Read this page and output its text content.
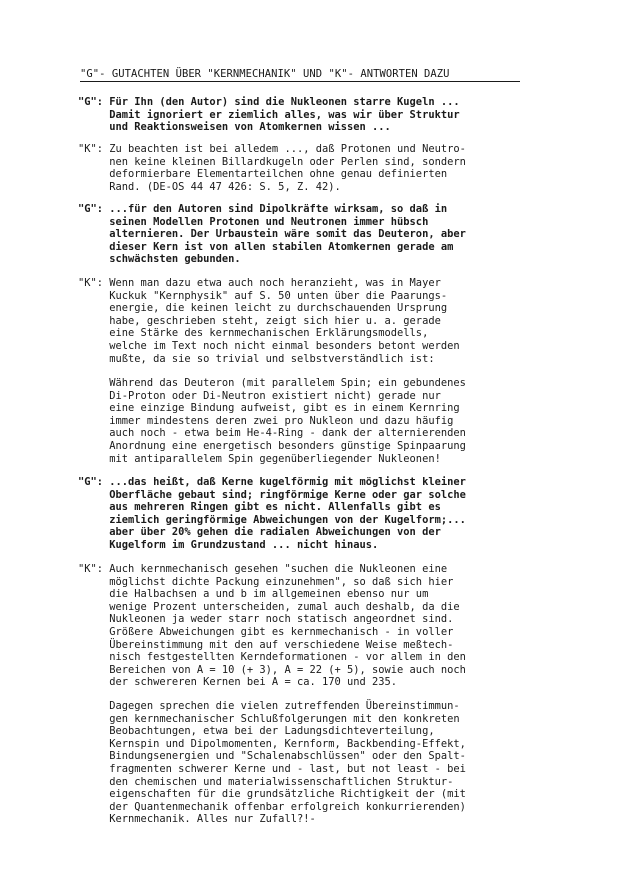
"G"- GUTACHTEN ÜBER "KERNMECHANIK" UND "K"- ANTWORTEN DAZU
"G": Für Ihn (den Autor) sind die Nukleonen starre Kugeln ...
Damit ignoriert er ziemlich alles, was wir über Struktur
und Reaktionsweisen von Atomkernen wissen ...
"K": Zu beachten ist bei alledem ..., daß Protonen und Neutro-
nen keine kleinen Billardkugeln oder Perlen sind, sondern
deformierbare Elementarteilchen ohne genau definierten
Rand. (DE-OS 44 47 426: S. 5, Z. 42).
"G": ...für den Autoren sind Dipolkräfte wirksam, so daß in
seinen Modellen Protonen und Neutronen immer hübsch
alternieren. Der Urbaustein wäre somit das Deuteron, aber
dieser Kern ist von allen stabilen Atomkernen gerade am
schwächsten gebunden.
"K": Wenn man dazu etwa auch noch heranzieht, was in Mayer
Kuckuk "Kernphysik" auf S. 50 unten über die Paarungs-
energie, die keinen leicht zu durchschauenden Ursprung
habe, geschrieben steht, zeigt sich hier u. a. gerade
eine Stärke des kernmechanischen Erklärungsmodells,
welche im Text noch nicht einmal besonders betont werden
mußte, da sie so trivial und selbstverständlich ist:
Während das Deuteron (mit parallelem Spin; ein gebundenes
Di-Proton oder Di-Neutron existiert nicht) gerade nur
eine einzige Bindung aufweist, gibt es in einem Kernring
immer mindestens deren zwei pro Nukleon und dazu häufig
auch noch - etwa beim He-4-Ring - dank der alternierenden
Anordnung eine energetisch besonders günstige Spinpaarung
mit antiparallelem Spin gegenüberliegender Nukleonen!
"G": ...das heißt, daß Kerne kugelförmig mit möglichst kleiner
Oberfläche gebaut sind; ringförmige Kerne oder gar solche
aus mehreren Ringen gibt es nicht. Allenfalls gibt es
ziemlich geringförmige Abweichungen von der Kugelform;...
aber über 20% gehen die radialen Abweichungen von der
Kugelform im Grundzustand ... nicht hinaus.
"K": Auch kernmechanisch gesehen "suchen die Nukleonen eine
möglichst dichte Packung einzunehmen", so daß sich hier
die Halbachsen a und b im allgemeinen ebenso nur um
wenige Prozent unterscheiden, zumal auch deshalb, da die
Nukleonen ja weder starr noch statisch angeordnet sind.
Größere Abweichungen gibt es kernmechanisch - in voller
Übereinstimmung mit den auf verschiedene Weise meßtech-
nisch festgestellten Kerndeformationen - vor allem in den
Bereichen von A = 10 (+ 3), A = 22 (+ 5), sowie auch noch
der schwereren Kernen bei A = ca. 170 und 235.
Dagegen sprechen die vielen zutreffenden Übereinstimmun-
gen kernmechanischer Schlußfolgerungen mit den konkreten
Beobachtungen, etwa bei der Ladungsdichteverteilung,
Kernspin und Dipolmomenten, Kernform, Backbending-Effekt,
Bindungsenergien und "Schalenabschlüssen" oder den Spalt-
fragmenten schwerer Kerne und - last, but not least - bei
den chemischen und materialwissenschaftlichen Struktur-
eigenschaften für die grundsätzliche Richtigkeit der (mit
der Quantenmechanik offenbar erfolgreich konkurrierenden)
Kernmechanik. Alles nur Zufall?!-
